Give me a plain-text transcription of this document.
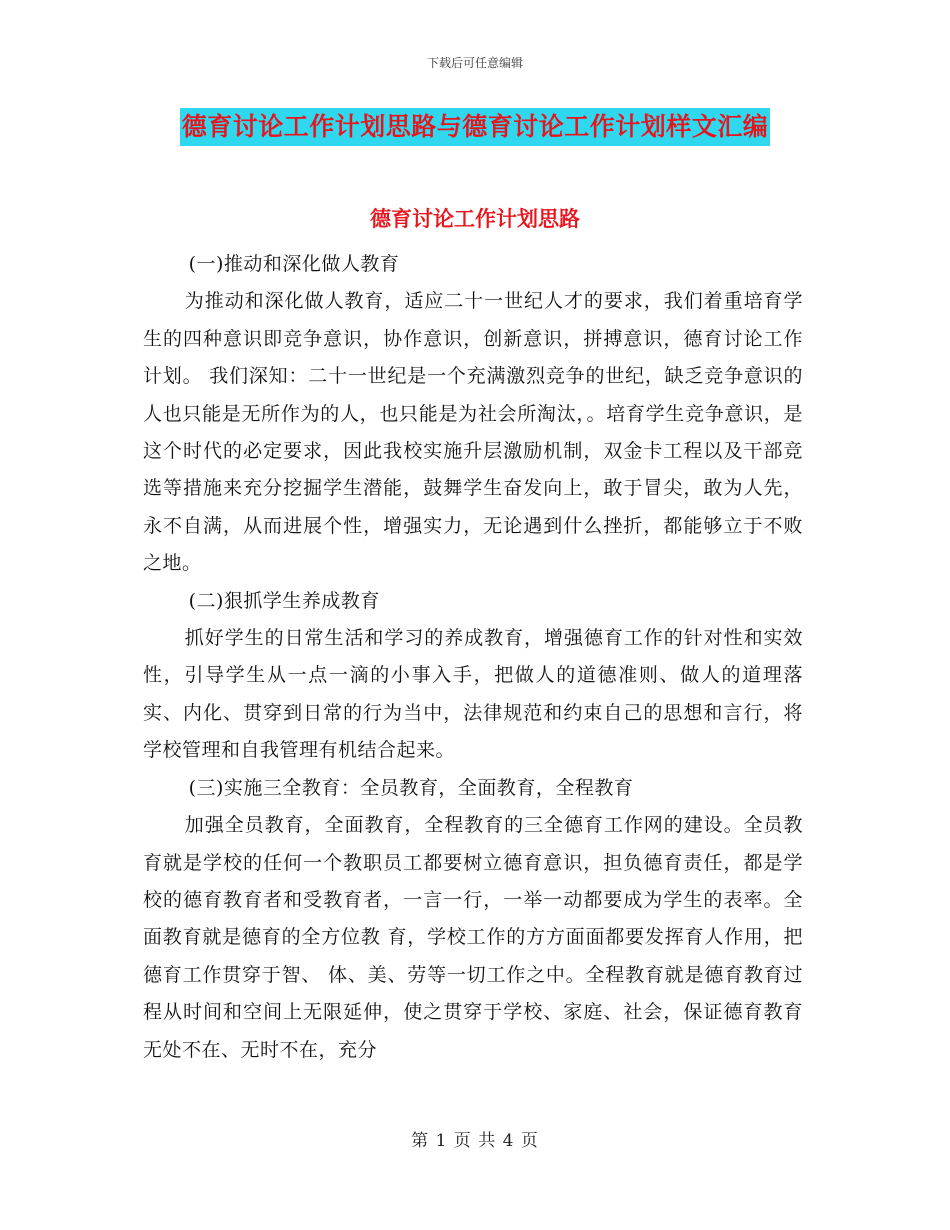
下载后可任意编辑
德育讨论工作计划思路与德育讨论工作计划样文汇编
德育讨论工作计划思路

(一)推动和深化做人教育

为推动和深化做人教育，适应二十一世纪人才的要求，我们着重培育学生的四种意识即竞争意识，协作意识，创新意识，拼搏意识，德育讨论工作计划。 我们深知：二十一世纪是一个充满激烈竞争的世纪，缺乏竞争意识的人也只能是无所作为的人，也只能是为社会所淘汰，。培育学生竞争意识，是这个时代的必定要求，因此我校实施升层激励机制，双金卡工程以及干部竞选等措施来充分挖掘学生潜能，鼓舞学生奋发向上，敢于冒尖，敢为人先，永不自满，从而进展个性，增强实力，无论遇到什么挫折，都能够立于不败之地。

(二)狠抓学生养成教育

抓好学生的日常生活和学习的养成教育，增强德育工作的针对性和实效性，引导学生从一点一滴的小事入手，把做人的道德准则、做人的道理落实、内化、贯穿到日常的行为当中，法律规范和约束自己的思想和言行，将学校管理和自我管理有机结合起来。

(三)实施三全教育：全员教育，全面教育，全程教育

加强全员教育，全面教育，全程教育的三全德育工作网的建设。全员教育就是学校的任何一个教职员工都要树立德育意识，担负德育责任，都是学校的德育教育者和受教育者，一言一行，一举一动都要成为学生的表率。全面教育就是德育的全方位教 育，学校工作的方方面面都要发挥育人作用，把德育工作贯穿于智、 体、美、劳等一切工作之中。全程教育就是德育教育过程从时间和空间上无限延伸，使之贯穿于学校、家庭、社会，保证德育教育无处不在、无时不在，充分

第 1 页 共 4 页
